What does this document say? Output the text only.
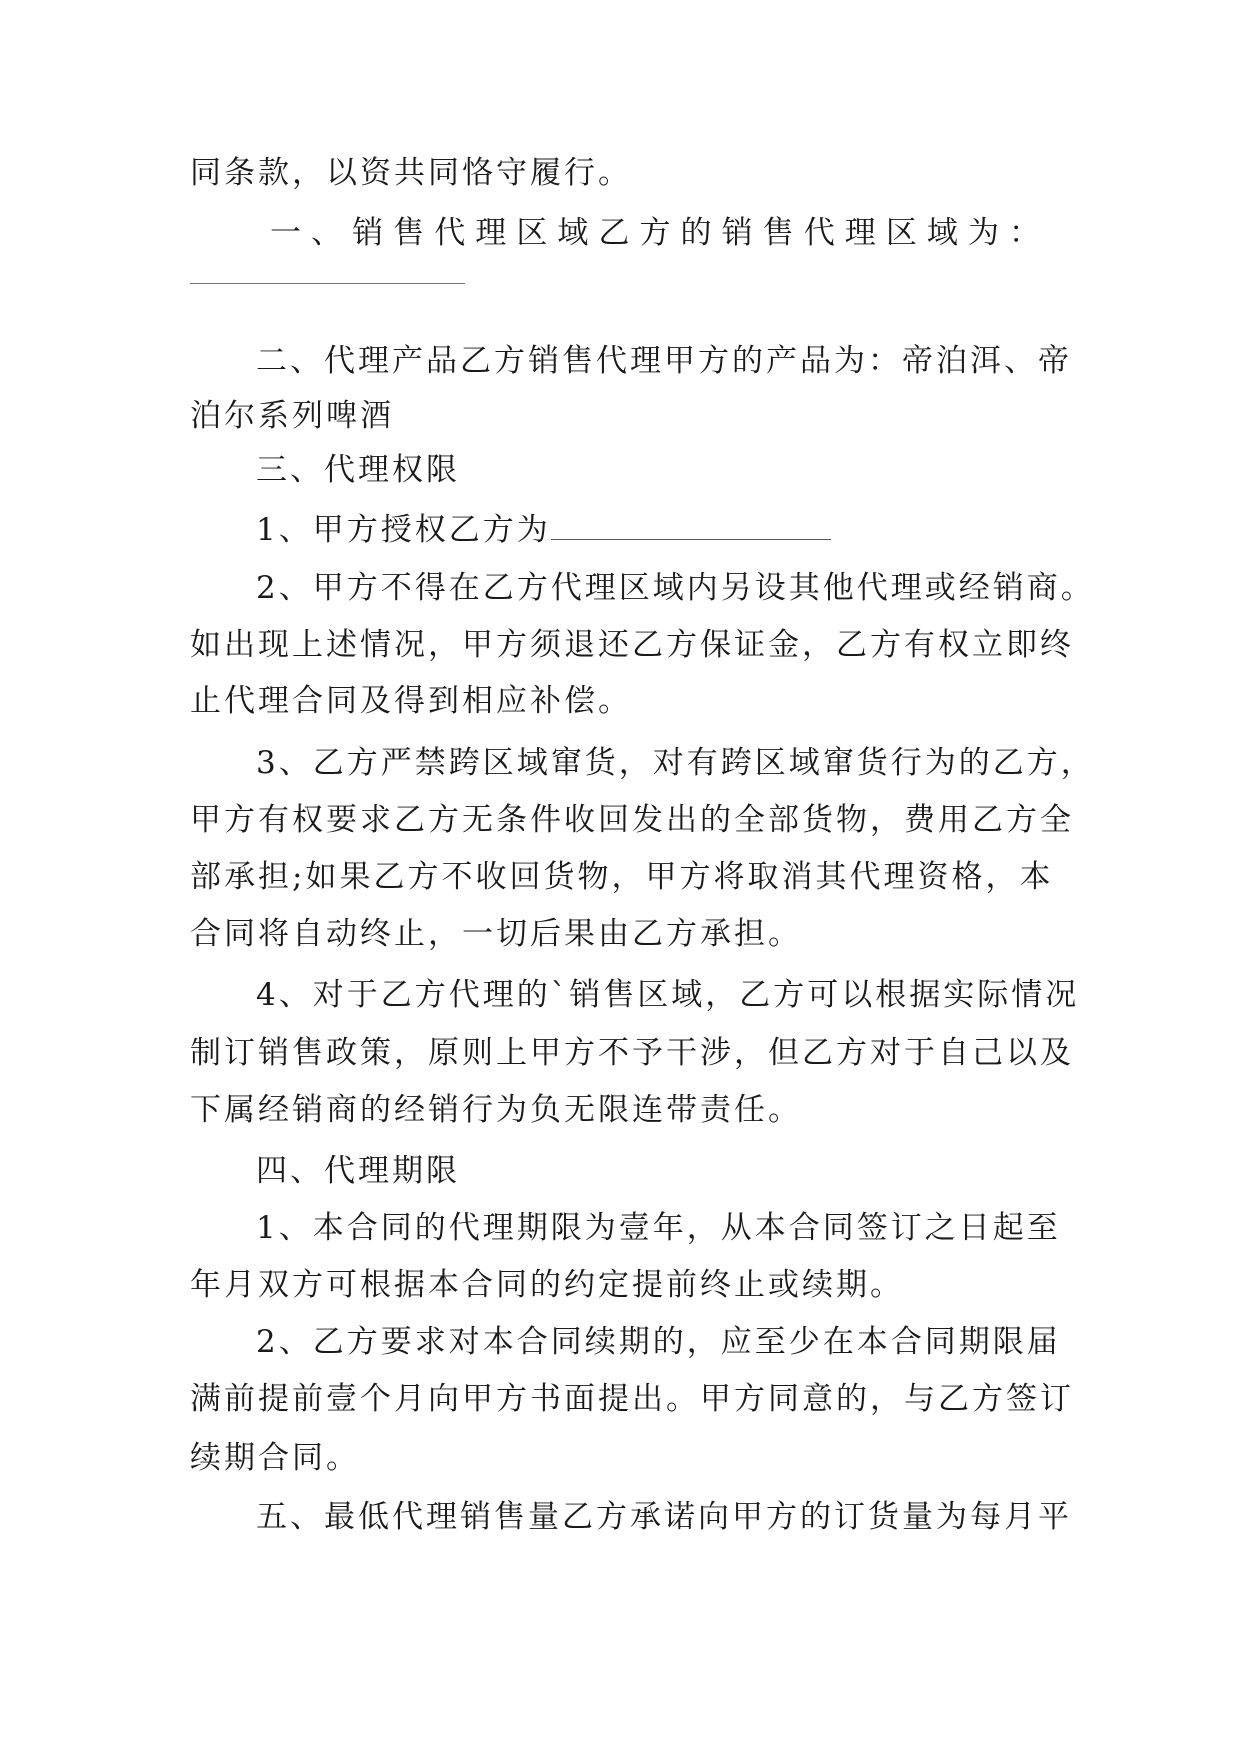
同条款，以资共同恪守履行。
一、销售代理区域乙方的销售代理区域为：
二、代理产品乙方销售代理甲方的产品为：帝泊洱、帝
泊尔系列啤酒
三、代理权限
1、甲方授权乙方为
2、甲方不得在乙方代理区域内另设其他代理或经销商。
如出现上述情况，甲方须退还乙方保证金，乙方有权立即终
止代理合同及得到相应补偿。
3、乙方严禁跨区域窜货，对有跨区域窜货行为的乙方，
甲方有权要求乙方无条件收回发出的全部货物，费用乙方全
部承担;如果乙方不收回货物，甲方将取消其代理资格，本
合同将自动终止，一切后果由乙方承担。
4、对于乙方代理的`销售区域，乙方可以根据实际情况
制订销售政策，原则上甲方不予干涉，但乙方对于自己以及
下属经销商的经销行为负无限连带责任。
四、代理期限
1、本合同的代理期限为壹年，从本合同签订之日起至
年月双方可根据本合同的约定提前终止或续期。
2、乙方要求对本合同续期的，应至少在本合同期限届
满前提前壹个月向甲方书面提出。甲方同意的，与乙方签订
续期合同。
五、最低代理销售量乙方承诺向甲方的订货量为每月平
